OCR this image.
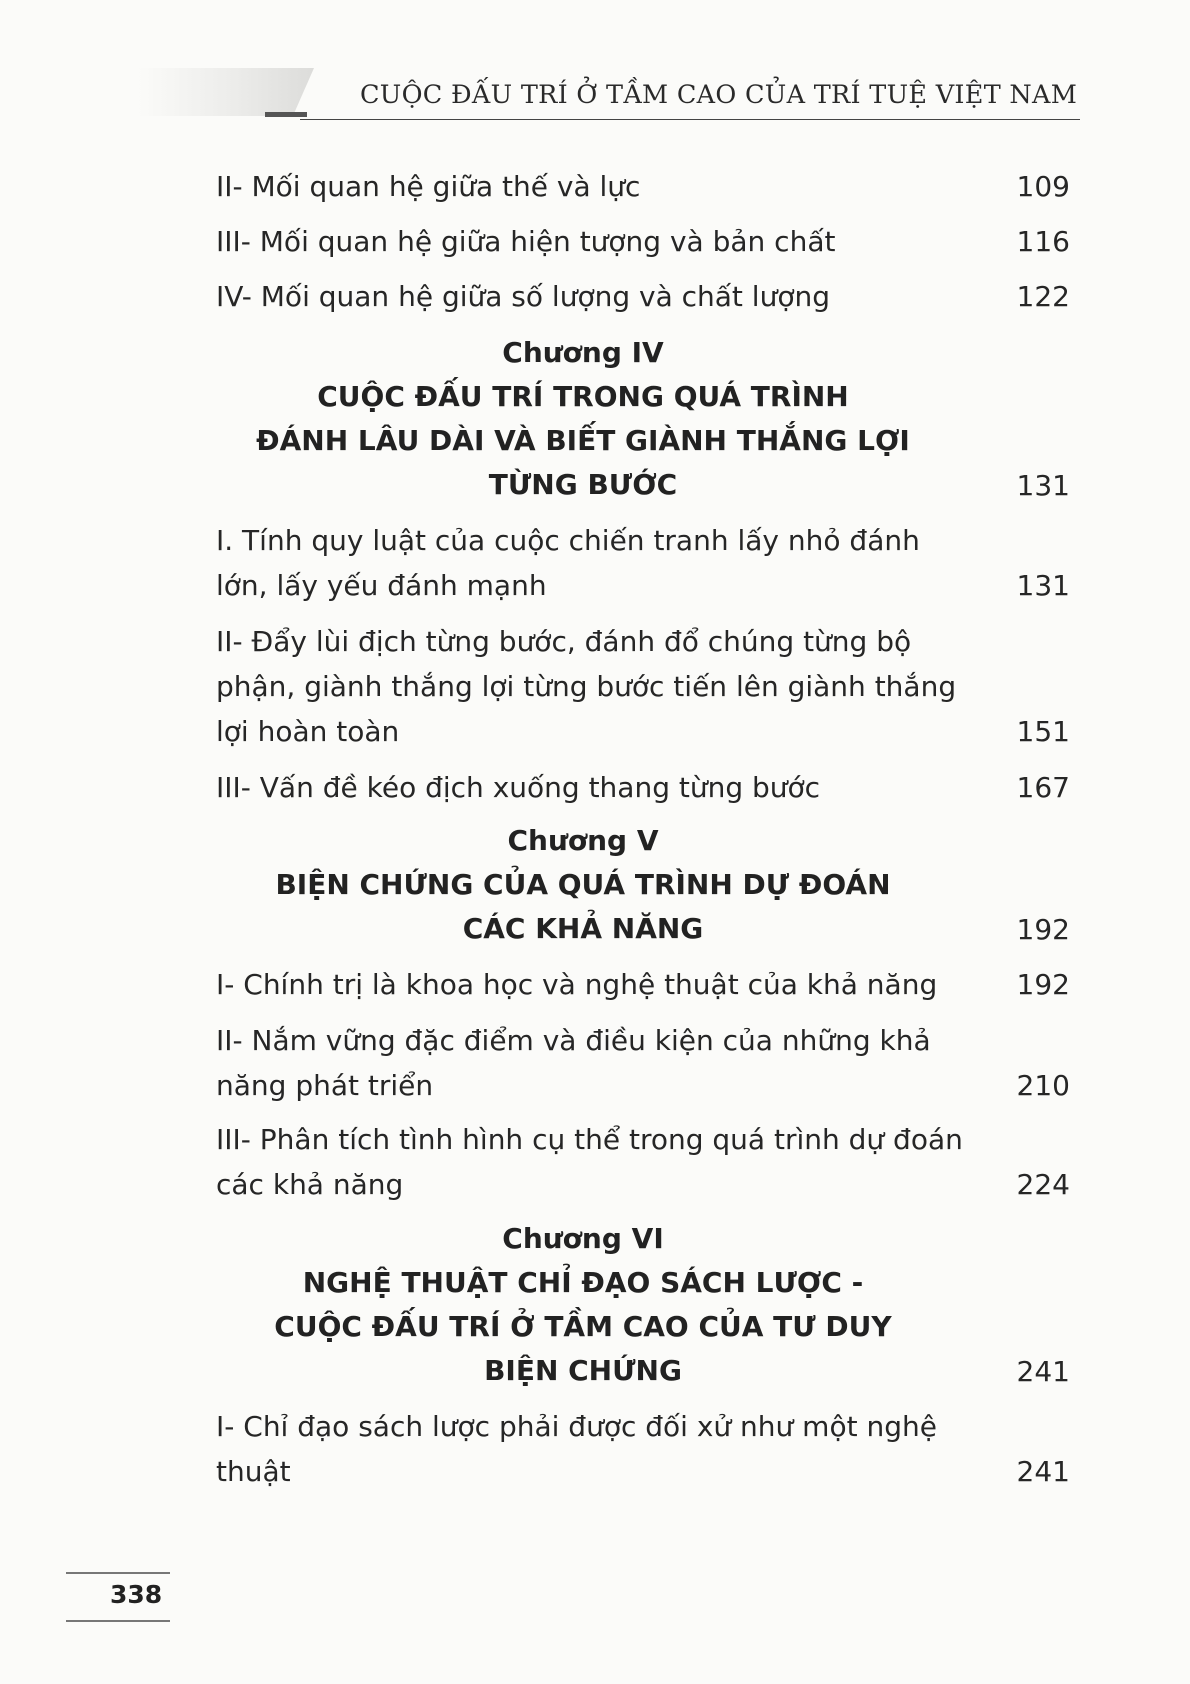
CUỘC ĐẤU TRÍ Ở TẦM CAO CỦA TRÍ TUỆ VIỆT NAM
II- Mối quan hệ giữa thế và lực	109
III- Mối quan hệ giữa hiện tượng và bản chất	116
IV- Mối quan hệ giữa số lượng và chất lượng	122
Chương IV
CUỘC ĐẤU TRÍ TRONG QUÁ TRÌNH
ĐÁNH LÂU DÀI VÀ BIẾT GIÀNH THẮNG LỢI
TỪNG BƯỚC	131
I. Tính quy luật của cuộc chiến tranh lấy nhỏ đánh
lớn, lấy yếu đánh mạnh	131
II- Đẩy lùi địch từng bước, đánh đổ chúng từng bộ
phận, giành thắng lợi từng bước tiến lên giành thắng
lợi hoàn toàn	151
III- Vấn đề kéo địch xuống thang từng bước	167
Chương V
BIỆN CHỨNG CỦA QUÁ TRÌNH DỰ ĐOÁN
CÁC KHẢ NĂNG	192
I- Chính trị là khoa học và nghệ thuật của khả năng	192
II- Nắm vững đặc điểm và điều kiện của những khả
năng phát triển	210
III- Phân tích tình hình cụ thể trong quá trình dự đoán
các khả năng	224
Chương VI
NGHỆ THUẬT CHỈ ĐẠO SÁCH LƯỢC -
CUỘC ĐẤU TRÍ Ở TẦM CAO CỦA TƯ DUY
BIỆN CHỨNG	241
I- Chỉ đạo sách lược phải được đối xử như một nghệ
thuật	241
338
